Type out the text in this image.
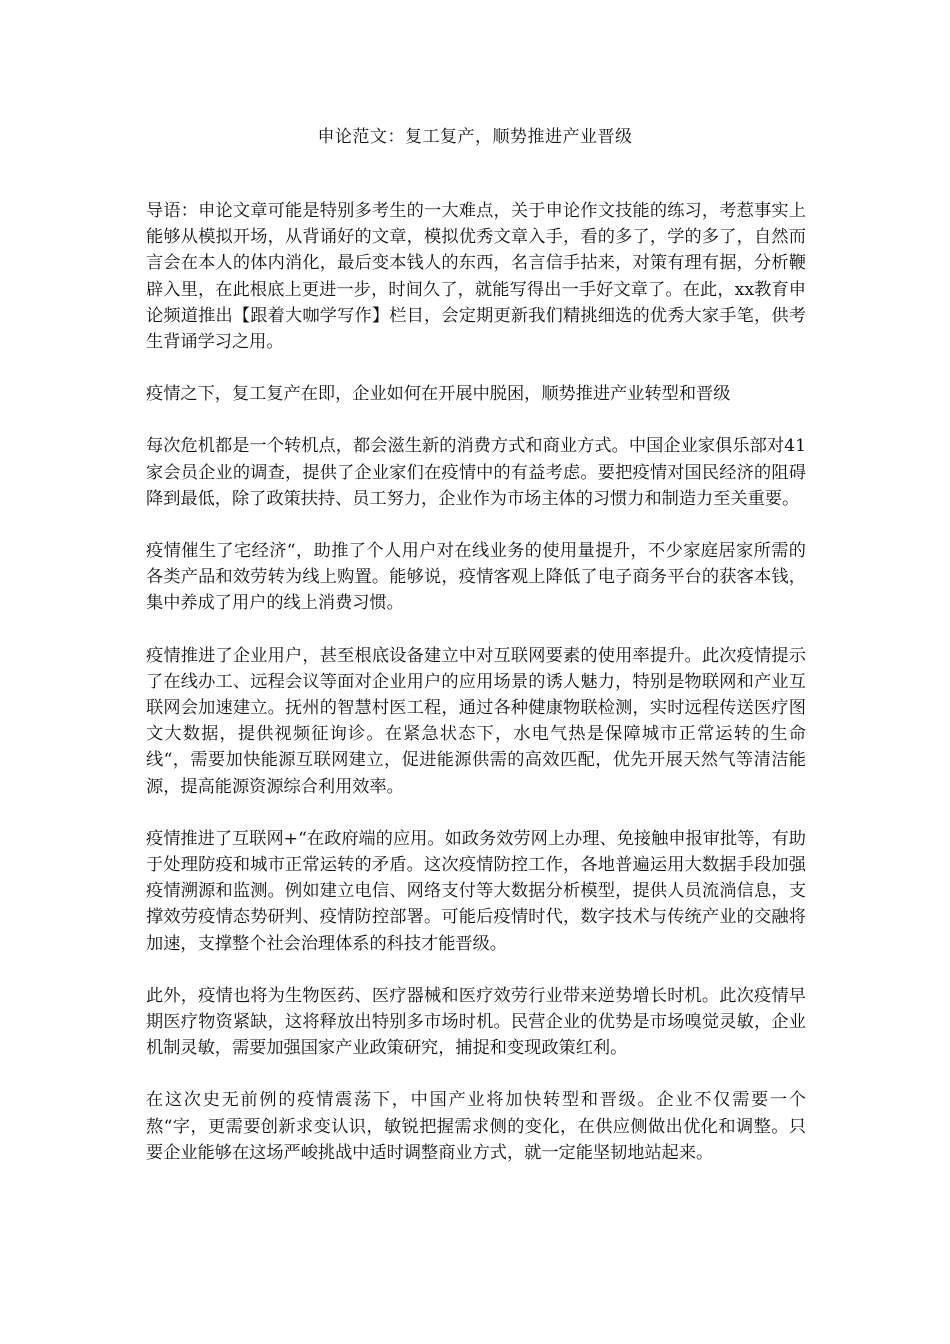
申论范文：复工复产，顺势推进产业晋级

导语：申论文章可能是特别多考生的一大难点，关于申论作文技能的练习，考惹事实上能够从模拟开场，从背诵好的文章，模拟优秀文章入手，看的多了，学的多了，自然而言会在本人的体内消化，最后变本钱人的东西，名言信手拈来，对策有理有据，分析鞭辟入里，在此根底上更进一步，时间久了，就能写得出一手好文章了。在此，xx教育申论频道推出【跟着大咖学写作】栏目，会定期更新我们精挑细选的优秀大家手笔，供考生背诵学习之用。

疫情之下，复工复产在即，企业如何在开展中脱困，顺势推进产业转型和晋级

每次危机都是一个转机点，都会滋生新的消费方式和商业方式。中国企业家俱乐部对41家会员企业的调查，提供了企业家们在疫情中的有益考虑。要把疫情对国民经济的阻碍降到最低，除了政策扶持、员工努力，企业作为市场主体的习惯力和制造力至关重要。

疫情催生了宅经济“，助推了个人用户对在线业务的使用量提升，不少家庭居家所需的各类产品和效劳转为线上购置。能够说，疫情客观上降低了电子商务平台的获客本钱，集中养成了用户的线上消费习惯。

疫情推进了企业用户，甚至根底设备建立中对互联网要素的使用率提升。此次疫情提示了在线办工、远程会议等面对企业用户的应用场景的诱人魅力，特别是物联网和产业互联网会加速建立。抚州的智慧村医工程，通过各种健康物联检测，实时远程传送医疗图文大数据，提供视频征询诊。在紧急状态下，水电气热是保障城市正常运转的生命线“，需要加快能源互联网建立，促进能源供需的高效匹配，优先开展天然气等清洁能源，提高能源资源综合利用效率。

疫情推进了互联网+“在政府端的应用。如政务效劳网上办理、免接触申报审批等，有助于处理防疫和城市正常运转的矛盾。这次疫情防控工作，各地普遍运用大数据手段加强疫情溯源和监测。例如建立电信、网络支付等大数据分析模型，提供人员流淌信息，支撑效劳疫情态势研判、疫情防控部署。可能后疫情时代，数字技术与传统产业的交融将加速，支撑整个社会治理体系的科技才能晋级。

此外，疫情也将为生物医药、医疗器械和医疗效劳行业带来逆势增长时机。此次疫情早期医疗物资紧缺，这将释放出特别多市场时机。民营企业的优势是市场嗅觉灵敏，企业机制灵敏，需要加强国家产业政策研究，捕捉和变现政策红利。

在这次史无前例的疫情震荡下，中国产业将加快转型和晋级。企业不仅需要一个熬“字，更需要创新求变认识，敏锐把握需求侧的变化，在供应侧做出优化和调整。只要企业能够在这场严峻挑战中适时调整商业方式，就一定能坚韧地站起来。
